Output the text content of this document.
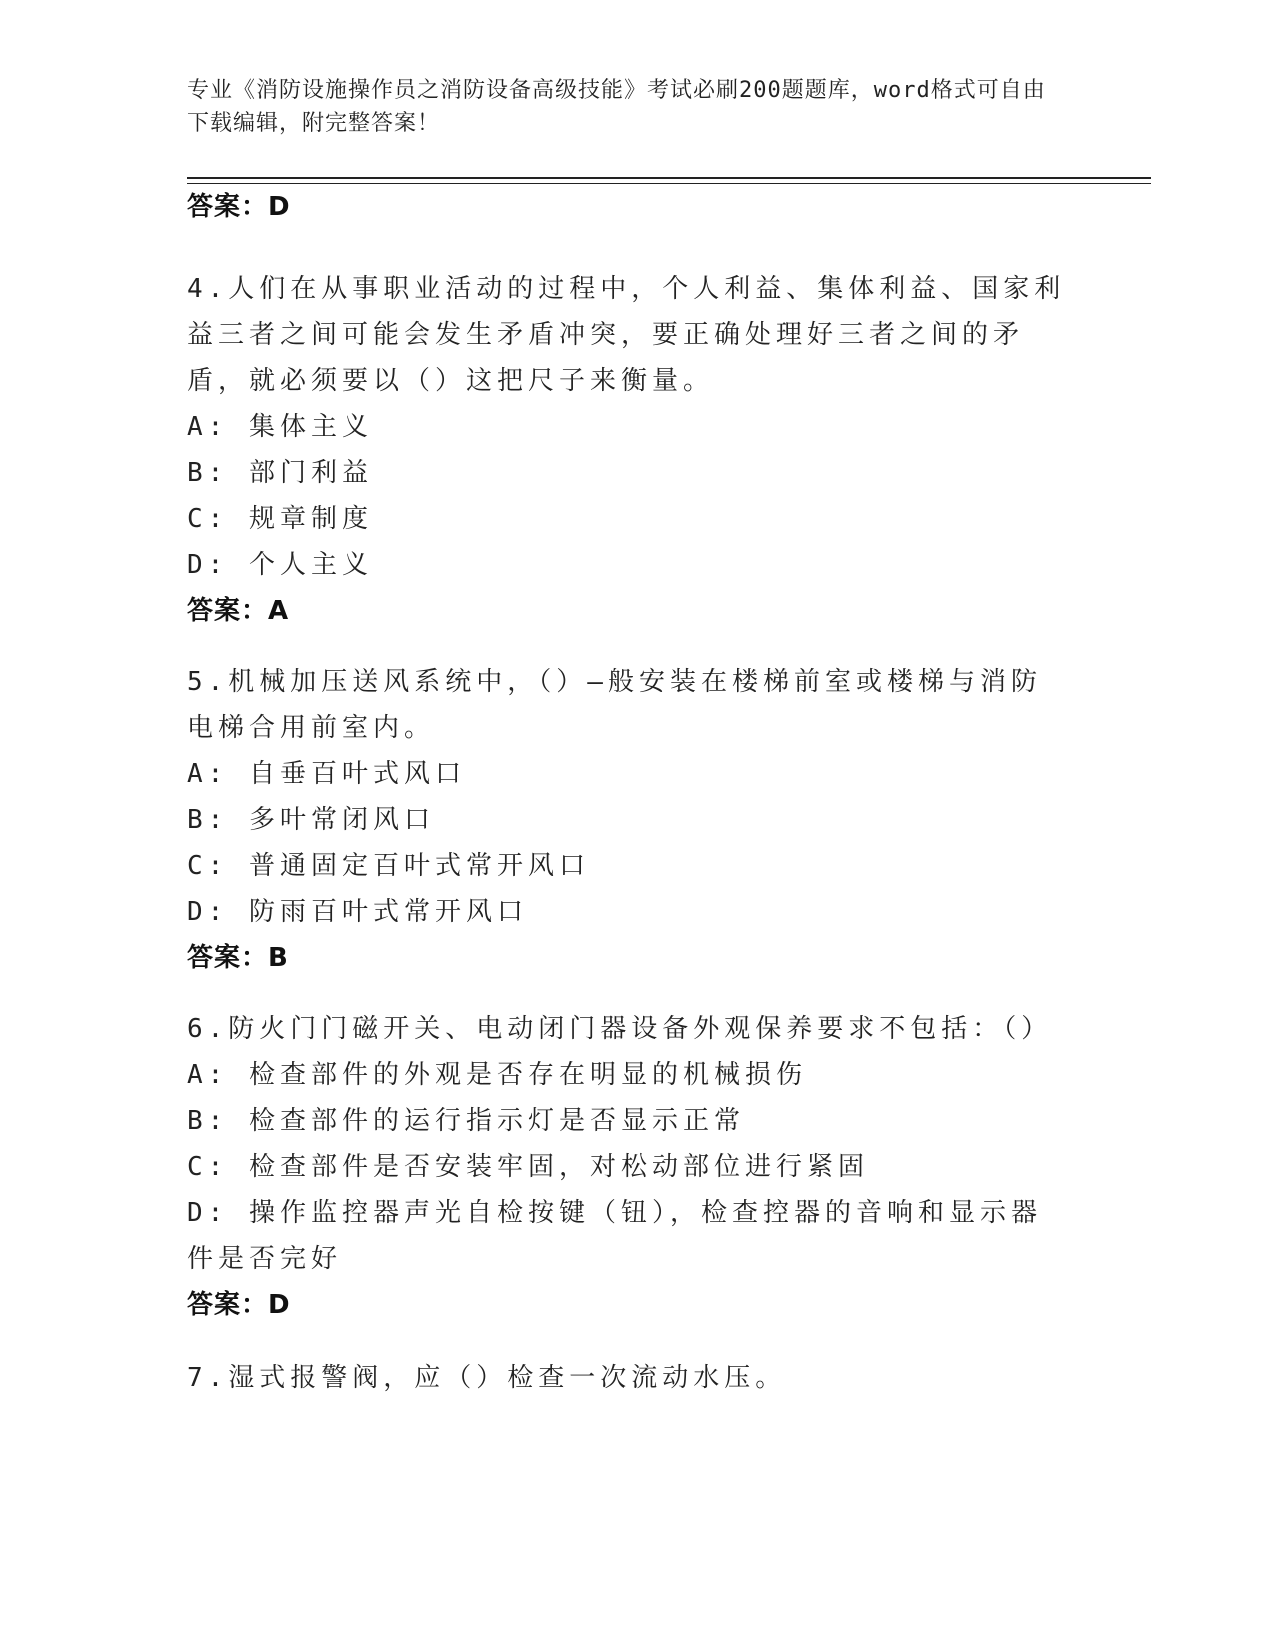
专业《消防设施操作员之消防设备高级技能》考试必刷200题题库，word格式可自由下载编辑，附完整答案！
答案：D

4.人们在从事职业活动的过程中，个人利益、集体利益、国家利益三者之间可能会发生矛盾冲突，要正确处理好三者之间的矛盾，就必须要以（）这把尺子来衡量。

A: 集体主义

B: 部门利益

C: 规章制度

D: 个人主义

答案：A

5.机械加压送风系统中，（）—般安装在楼梯前室或楼梯与消防电梯合用前室内。

A: 自垂百叶式风口

B: 多叶常闭风口

C: 普通固定百叶式常开风口

D: 防雨百叶式常开风口

答案：B

6.防火门门磁开关、电动闭门器设备外观保养要求不包括：（）

A: 检查部件的外观是否存在明显的机械损伤

B: 检查部件的运行指示灯是否显示正常

C: 检查部件是否安装牢固，对松动部位进行紧固

D: 操作监控器声光自检按键（钮），检查控器的音响和显示器件是否完好

答案：D

7.湿式报警阀，应（）检查一次流动水压。
